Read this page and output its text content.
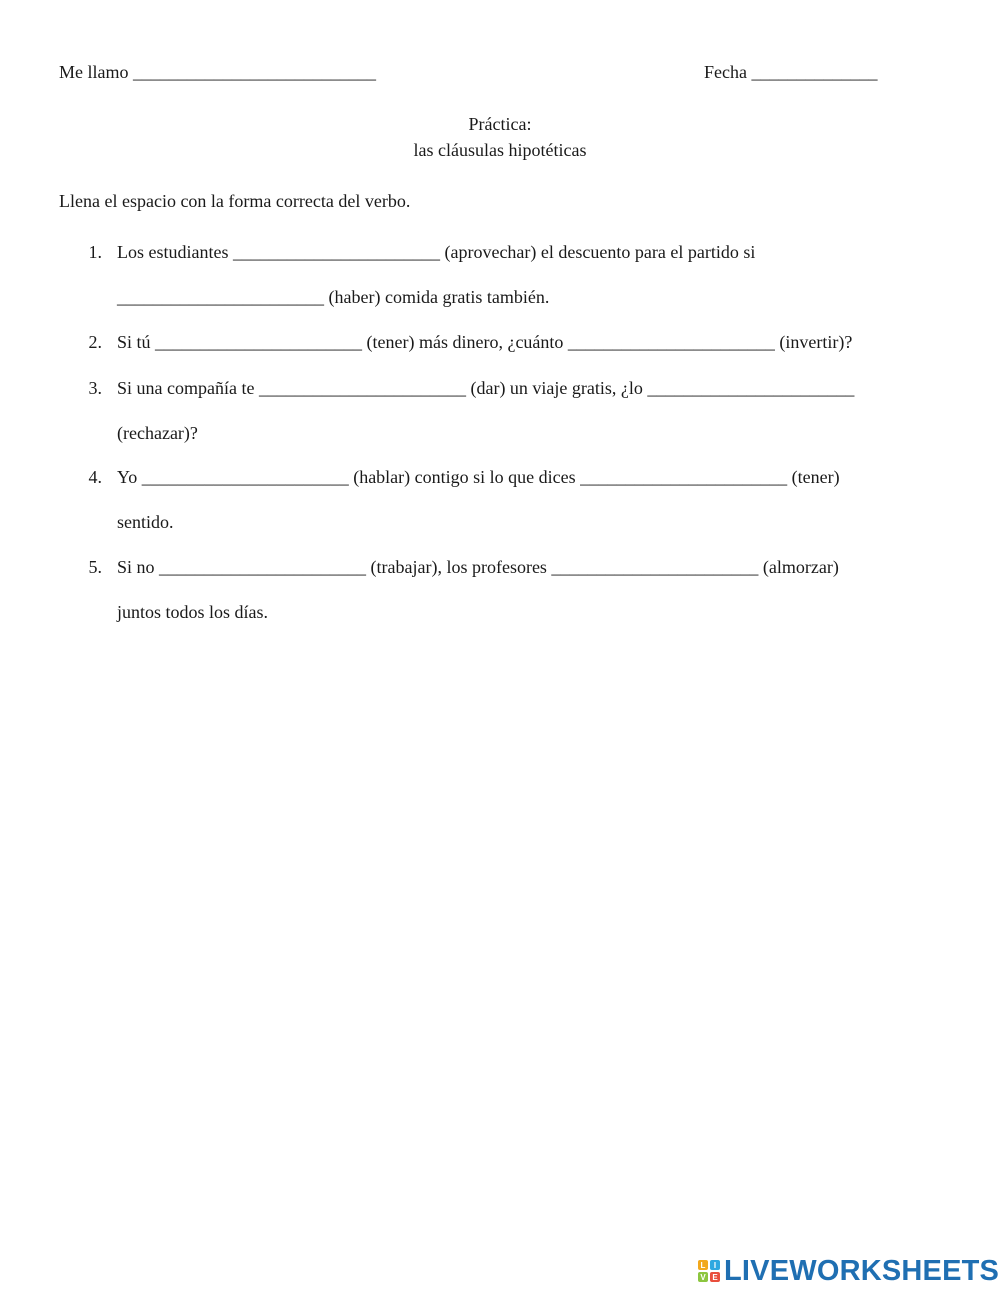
Me llamo ___________________________	Fecha ______________
Práctica:
las cláusulas hipotéticas
Llena el espacio con la forma correcta del verbo.
1. Los estudiantes _______________________ (aprovechar) el descuento para el partido si
_______________________ (haber) comida gratis también.
2. Si tú _______________________ (tener) más dinero, ¿cuánto _______________________ (invertir)?
3. Si una compañía te _______________________ (dar) un viaje gratis, ¿lo _______________________
(rechazar)?
4. Yo _______________________ (hablar) contigo si lo que dices _______________________ (tener)
sentido.
5. Si no _______________________ (trabajar), los profesores _______________________ (almorzar)
juntos todos los días.
L	I
V E LIVEWORKSHEETS
